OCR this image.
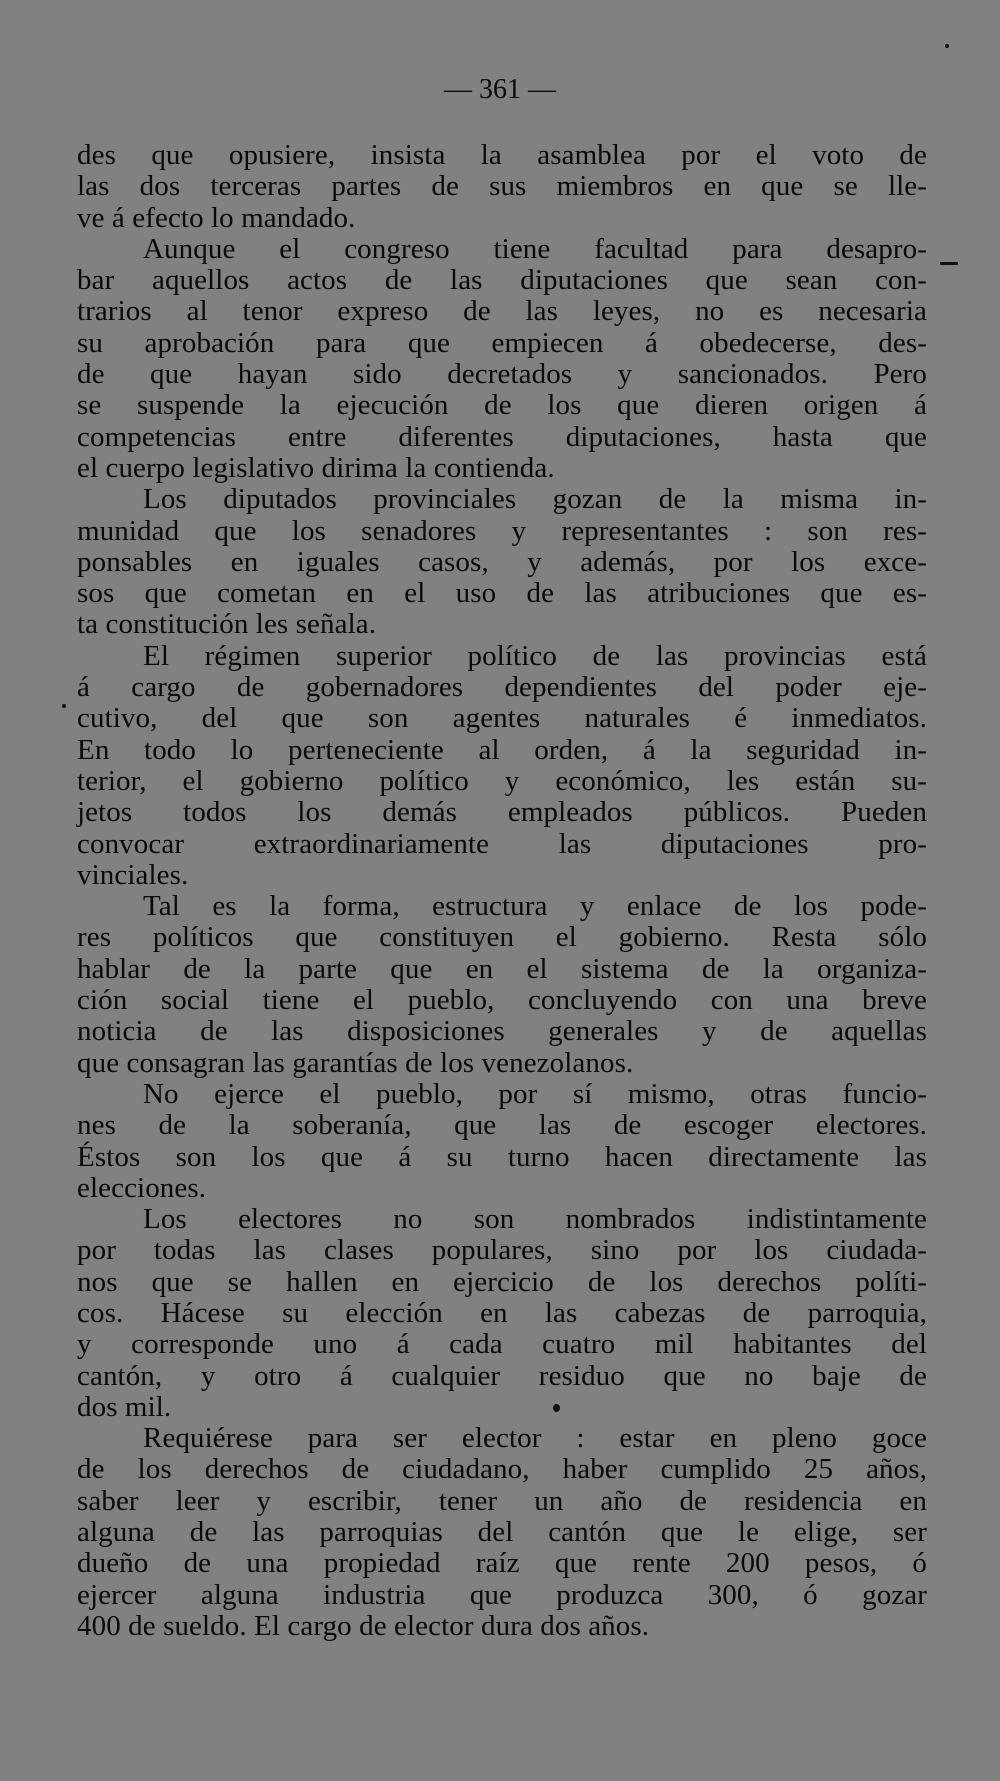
— 361 —
des que opusiere, insista la asamblea por el voto de
las dos terceras partes de sus miembros en que se lle-
ve á efecto lo mandado.
Aunque el congreso tiene facultad para desapro-
bar aquellos actos de las diputaciones que sean con-
trarios al tenor expreso de las leyes, no es necesaria
su aprobación para que empiecen á obedecerse, des-
de que hayan sido decretados y sancionados. Pero
se suspende la ejecución de los que dieren origen á
competencias entre diferentes diputaciones, hasta que
el cuerpo legislativo dirima la contienda.
Los diputados provinciales gozan de la misma in-
munidad que los senadores y representantes : son res-
ponsables en iguales casos, y además, por los exce-
sos que cometan en el uso de las atribuciones que es-
ta constitución les señala.
El régimen superior político de las provincias está
á cargo de gobernadores dependientes del poder eje-
cutivo, del que son agentes naturales é inmediatos.
En todo lo perteneciente al orden, á la seguridad in-
terior, el gobierno político y económico, les están su-
jetos todos los demás empleados públicos. Pueden
convocar extraordinariamente las diputaciones pro-
vinciales.
Tal es la forma, estructura y enlace de los pode-
res políticos que constituyen el gobierno. Resta sólo
hablar de la parte que en el sistema de la organiza-
ción social tiene el pueblo, concluyendo con una breve
noticia de las disposiciones generales y de aquellas
que consagran las garantías de los venezolanos.
No ejerce el pueblo, por sí mismo, otras funcio-
nes de la soberanía, que las de escoger electores.
Éstos son los que á su turno hacen directamente las
elecciones.
Los electores no son nombrados indistintamente
por todas las clases populares, sino por los ciudada-
nos que se hallen en ejercicio de los derechos políti-
cos. Hácese su elección en las cabezas de parroquia,
y corresponde uno á cada cuatro mil habitantes del
cantón, y otro á cualquier residuo que no baje de
dos mil.
Requiérese para ser elector : estar en pleno goce
de los derechos de ciudadano, haber cumplido 25 años,
saber leer y escribir, tener un año de residencia en
alguna de las parroquias del cantón que le elige, ser
dueño de una propiedad raíz que rente 200 pesos, ó
ejercer alguna industria que produzca 300, ó gozar
400 de sueldo. El cargo de elector dura dos años.
